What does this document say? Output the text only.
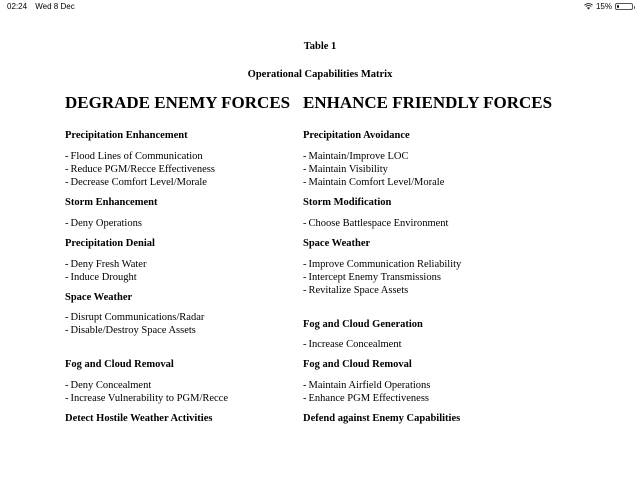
02:24 Wed 8 Dec	15%
Table 1
Operational Capabilities Matrix
DEGRADE ENEMY FORCES
Precipitation Enhancement
- Flood Lines of Communication
- Reduce PGM/Recce Effectiveness
- Decrease Comfort Level/Morale
Storm Enhancement
- Deny Operations
Precipitation Denial
- Deny Fresh Water
- Induce Drought
Space Weather
- Disrupt Communications/Radar
- Disable/Destroy Space Assets
Fog and Cloud Removal
- Deny Concealment
- Increase Vulnerability to PGM/Recce
Detect Hostile Weather Activities
ENHANCE FRIENDLY FORCES
Precipitation Avoidance
- Maintain/Improve LOC
- Maintain Visibility
- Maintain Comfort Level/Morale
Storm Modification
- Choose Battlespace Environment
Space Weather
- Improve Communication Reliability
- Intercept Enemy Transmissions
- Revitalize Space Assets
Fog and Cloud Generation
- Increase Concealment
Fog and Cloud Removal
- Maintain Airfield Operations
- Enhance PGM Effectiveness
Defend against Enemy Capabilities
